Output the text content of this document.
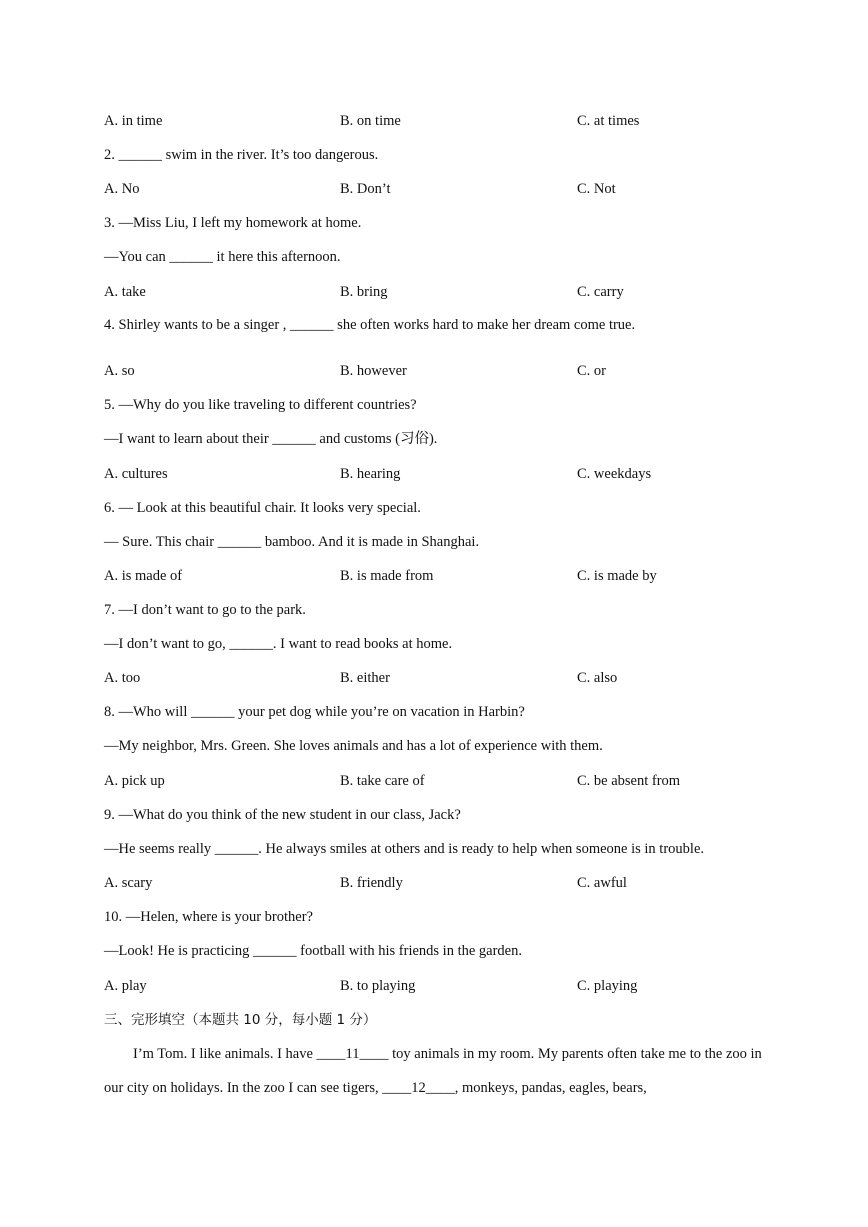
A. in time	B. on time	C. at times
2. ______ swim in the river. It’s too dangerous.
A. No	B. Don’t	C. Not
3. —Miss Liu, I left my homework at home.
—You can ______ it here this afternoon.
A. take	B. bring	C. carry
4. Shirley wants to be a singer , ______ she often works hard to make her dream come true.
A. so	B. however	C. or
5. —Why do you like traveling to different countries?
—I want to learn about their ______ and customs (习俗).
A. cultures	B. hearing	C. weekdays
6. — Look at this beautiful chair. It looks very special.
— Sure. This chair ______ bamboo. And it is made in Shanghai.
A. is made of	B. is made from	C. is made by
7. —I don’t want to go to the park.
—I don’t want to go, ______. I want to read books at home.
A. too	B. either	C. also
8. —Who will ______ your pet dog while you’re on vacation in Harbin?
—My neighbor, Mrs. Green. She loves animals and has a lot of experience with them.
A. pick up	B. take care of	C. be absent from
9. —What do you think of the new student in our class, Jack?
—He seems really ______. He always smiles at others and is ready to help when someone is in trouble.
A. scary	B. friendly	C. awful
10. —Helen, where is your brother?
—Look! He is practicing ______ football with his friends in the garden.
A. play	B. to playing	C. playing
三、完形填空（本题共 10 分，每小题 1 分）

I’m Tom. I like animals. I have ____11____ toy animals in my room. My parents often take me to the zoo in our city on holidays. In the zoo I can see tigers, ____12____, monkeys, pandas, eagles, bears,
